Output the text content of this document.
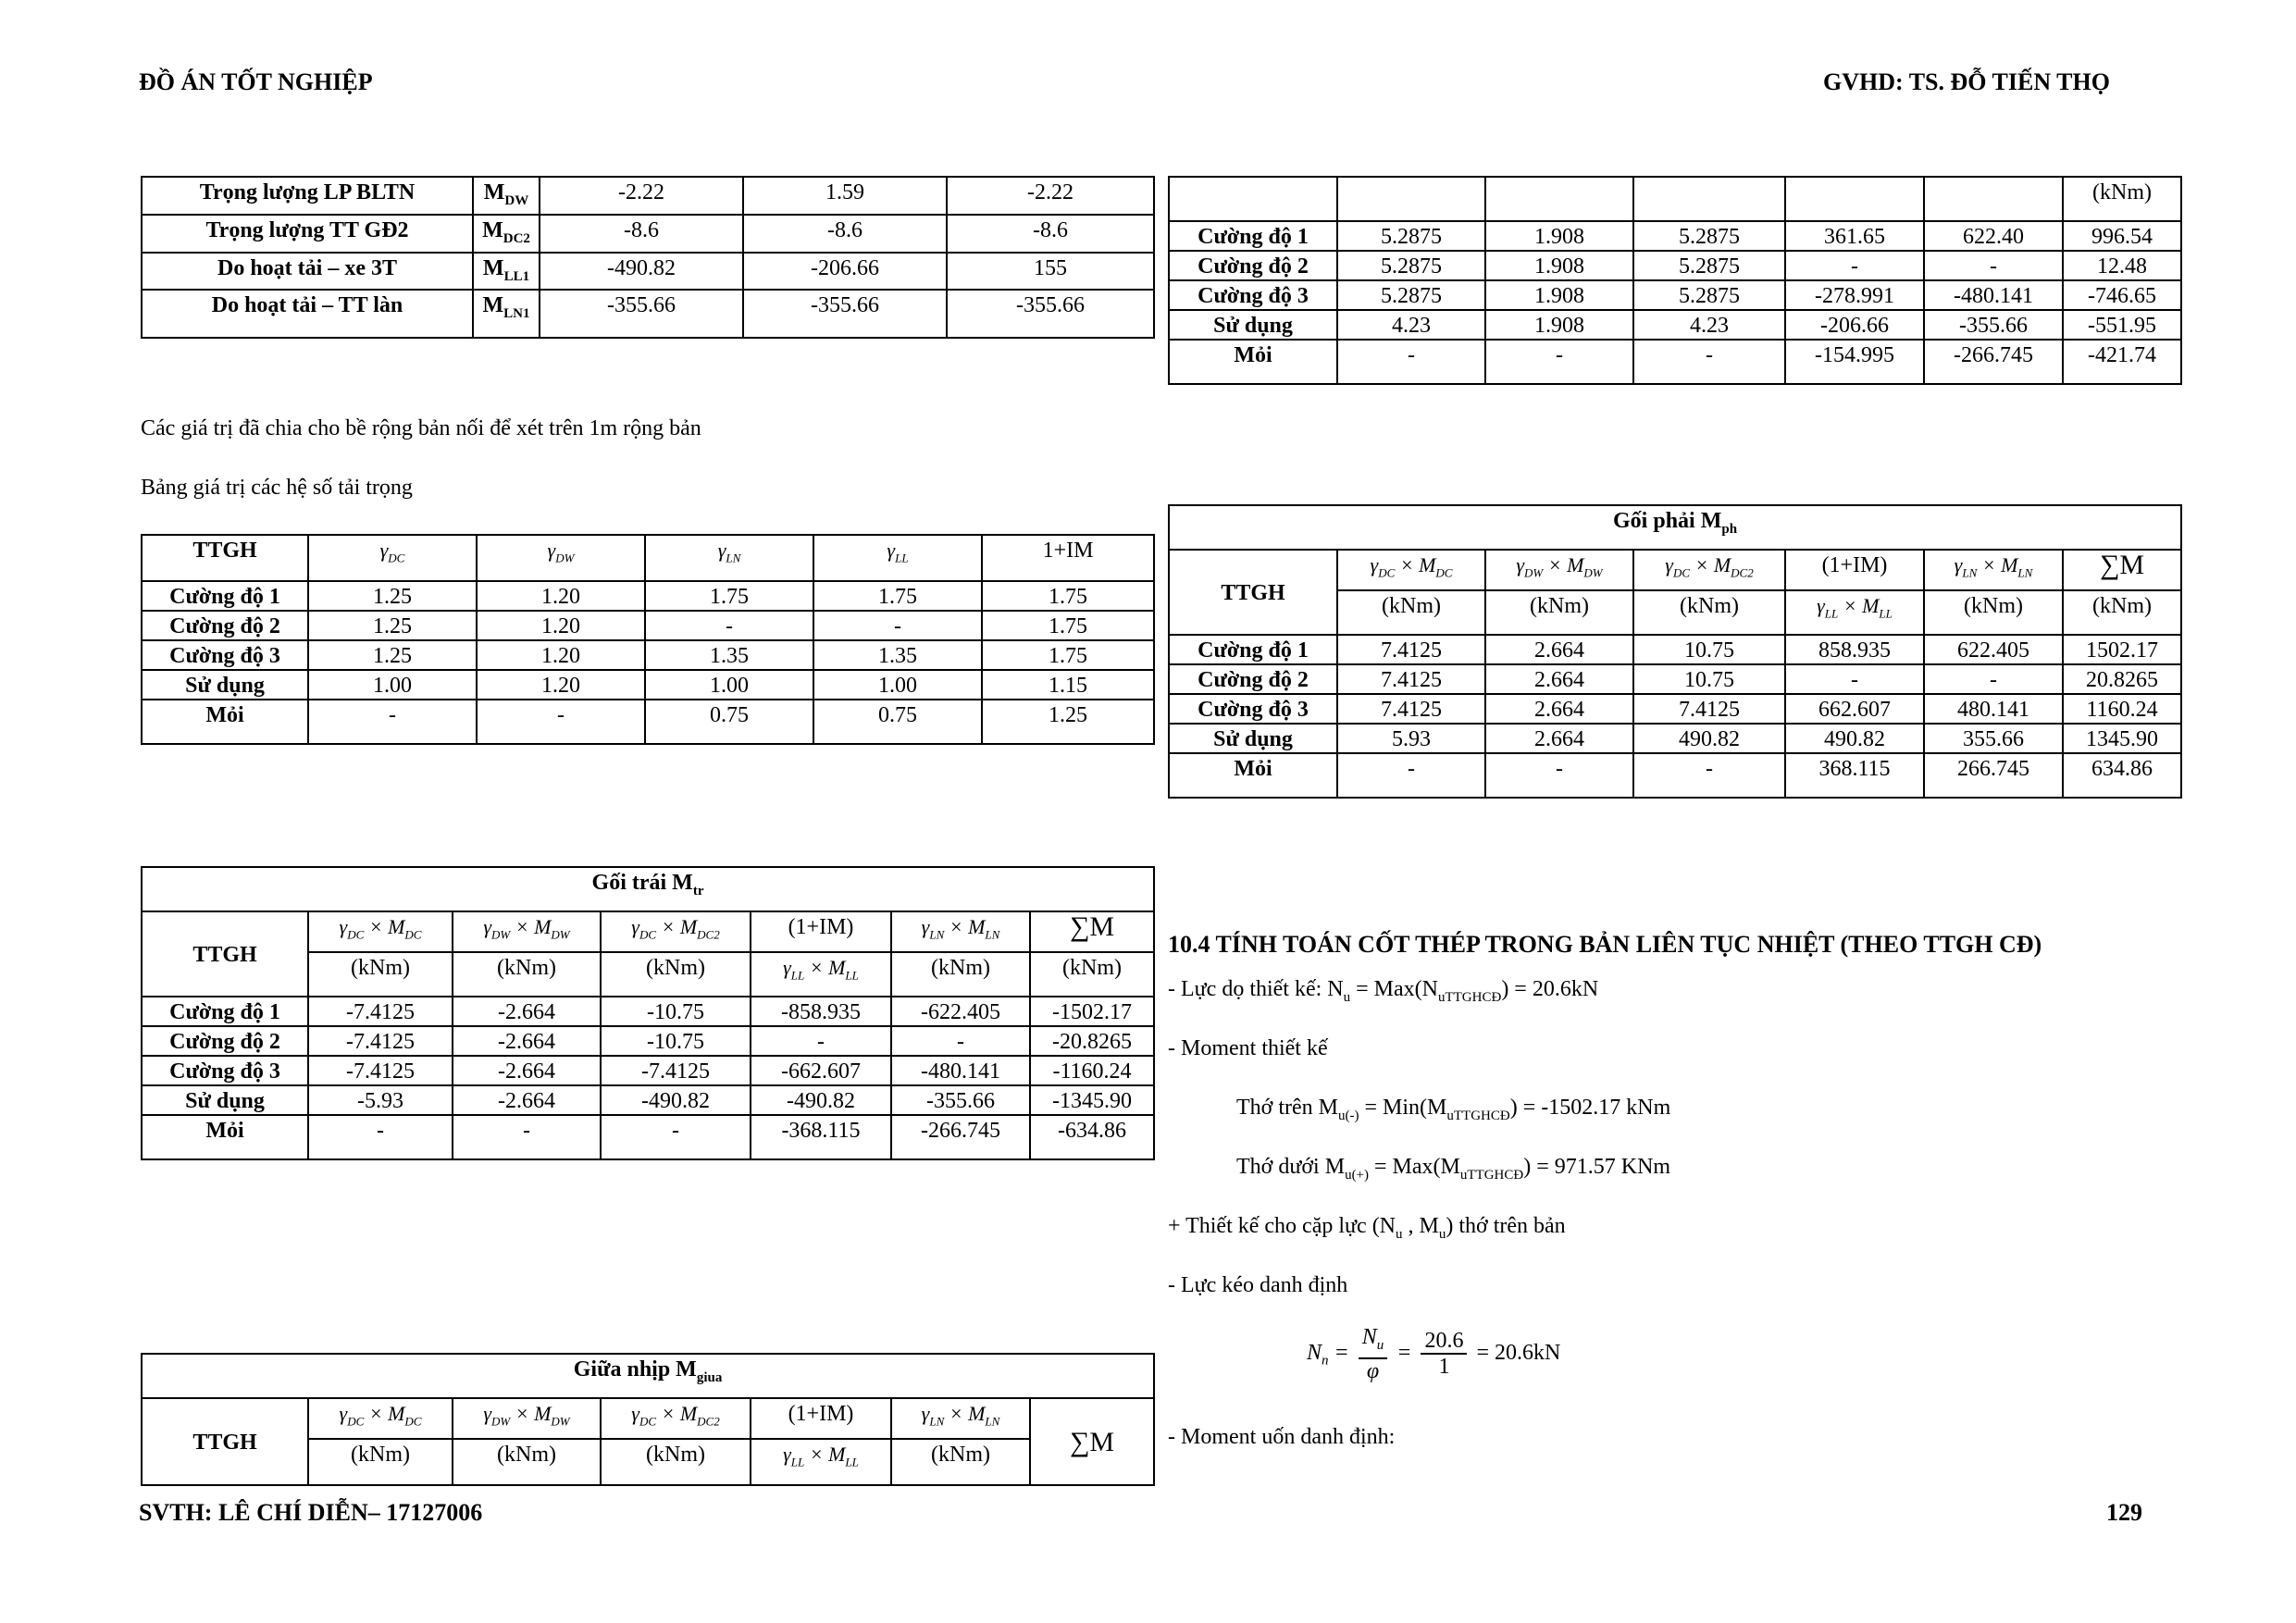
ĐỒ ÁN TỐT NGHIỆP	GVHD: TS. ĐỖ TIẾN THỌ
Trọng lượng LP BLTN	$M_{DW}$	-2.22	1.59	-2.22
Trọng lượng TT GĐ2	$M_{DC2}$	-8.6	-8.6	-8.6
Do hoạt tải – xe 3T	$M_{LL1}$	-490.82	-206.66	155
Do hoạt tải – TT làn	$M_{LN1}$	-355.66	-355.66	-355.66
Các giá trị đã chia cho bề rộng bản nối để xét trên 1m rộng bản
Bảng giá trị các hệ số tải trọng
TTGH	$\gamma_{DC}$	$\gamma_{DW}$	$\gamma_{LN}$	$\gamma_{LL}$	1+IM
Cường độ 1	1.25	1.20	1.75	1.75	1.75
Cường độ 2	1.25	1.20	-	-	1.75
Cường độ 3	1.25	1.20	1.35	1.35	1.75
Sử dụng	1.00	1.20	1.00	1.00	1.15
Mỏi	-	-	0.75	0.75	1.25
Gối trái $M_{tr}$
TTGH	$\gamma_{DC} \times M_{DC}$	$\gamma_{DW} \times M_{DW}$	$\gamma_{DC} \times M_{DC2}$	(1+IM)	$\gamma_{LN} \times M_{LN}$	∑M
	(kNm)	(kNm)	(kNm)	$\gamma_{LL} \times M_{LL}$	(kNm)	(kNm)
Cường độ 1	-7.4125	-2.664	-10.75	-858.935	-622.405	-1502.17
Cường độ 2	-7.4125	-2.664	-10.75	-	-	-20.8265
Cường độ 3	-7.4125	-2.664	-7.4125	-662.607	-480.141	-1160.24
Sử dụng	-5.93	-2.664	-490.82	-490.82	-355.66	-1345.90
Mỏi	-	-	-	-368.115	-266.745	-634.86
Giữa nhịp $M_{giua}$
TTGH	$\gamma_{DC} \times M_{DC}$	$\gamma_{DW} \times M_{DW}$	$\gamma_{DC} \times M_{DC2}$	(1+IM)	$\gamma_{LN} \times M_{LN}$	∑M
	(kNm)	(kNm)	(kNm)	$\gamma_{LL} \times M_{LL}$	(kNm)	
						(kNm)
Cường độ 1	5.2875	1.908	5.2875	361.65	622.40	996.54
Cường độ 2	5.2875	1.908	5.2875	-	-	12.48
Cường độ 3	5.2875	1.908	5.2875	-278.991	-480.141	-746.65
Sử dụng	4.23	1.908	4.23	-206.66	-355.66	-551.95
Mỏi	-	-	-	-154.995	-266.745	-421.74
Gối phải $M_{ph}$
TTGH	$\gamma_{DC} \times M_{DC}$	$\gamma_{DW} \times M_{DW}$	$\gamma_{DC} \times M_{DC2}$	(1+IM)	$\gamma_{LN} \times M_{LN}$	∑M
	(kNm)	(kNm)	(kNm)	$\gamma_{LL} \times M_{LL}$	(kNm)	(kNm)
Cường độ 1	7.4125	2.664	10.75	858.935	622.405	1502.17
Cường độ 2	7.4125	2.664	10.75	-	-	20.8265
Cường độ 3	7.4125	2.664	7.4125	662.607	480.141	1160.24
Sử dụng	5.93	2.664	490.82	490.82	355.66	1345.90
Mỏi	-	-	-	368.115	266.745	634.86
10.4 TÍNH TOÁN CỐT THÉP TRONG BẢN LIÊN TỤC NHIỆT (THEO TTGH CĐ)
- Lực dọ thiết kế: $N_u = Max(N_{uTTGHCĐ}) = 20.6kN$
- Moment thiết kế
Thớ trên $M_{u(-)} = Min(M_{uTTGHCĐ}) = -1502.17$ kNm
Thớ dưới $M_{u(+)} = Max(M_{uTTGHCĐ}) = 971.57$ KNm
+ Thiết kế cho cặp lực ($N_u$ , $M_u$) thớ trên bản
- Lực kéo danh định
$N_n = \frac{N_u}{\varphi} = \frac{20.6}{1} = 20.6kN$
- Moment uốn danh định:
SVTH: LÊ CHÍ DIỄN– 17127006	129
